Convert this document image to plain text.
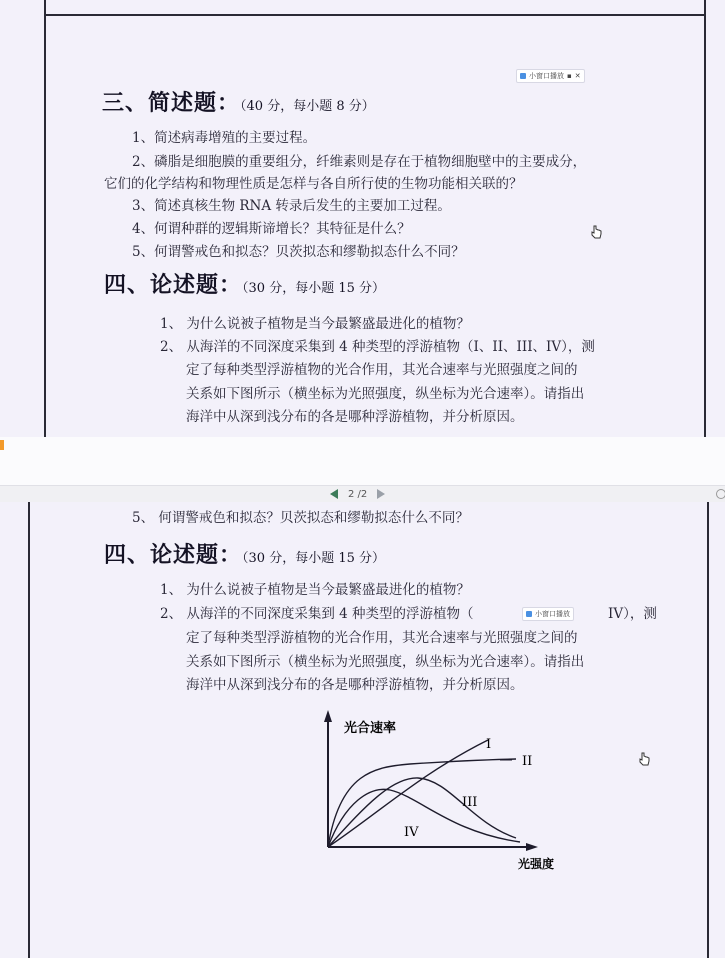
小窗口播放 ▪ ✕
三、简述题：（40 分，每小题 8 分）
1、简述病毒增殖的主要过程。
2、磷脂是细胞膜的重要组分，纤维素则是存在于植物细胞壁中的主要成分，
它们的化学结构和物理性质是怎样与各自所行使的生物功能相关联的？
3、简述真核生物 RNA 转录后发生的主要加工过程。
4、何谓种群的逻辑斯谛增长？其特征是什么？
5、何谓警戒色和拟态？贝茨拟态和缪勒拟态什么不同？
四、论述题：（30 分，每小题 15 分）
1、 为什么说被子植物是当今最繁盛最进化的植物？
2、 从海洋的不同深度采集到 4 种类型的浮游植物（I、II、III、IV），测
定了每种类型浮游植物的光合作用，其光合速率与光照强度之间的
关系如下图所示（横坐标为光照强度，纵坐标为光合速率）。请指出
海洋中从深到浅分布的各是哪种浮游植物，并分析原因。
2 /2
5、 何谓警戒色和拟态？贝茨拟态和缪勒拟态什么不同？
四、论述题：（30 分，每小题 15 分）
1、 为什么说被子植物是当今最繁盛最进化的植物？
2、 从海洋的不同深度采集到 4 种类型的浮游植物（	IV），测
小窗口播放
定了每种类型浮游植物的光合作用，其光合速率与光照强度之间的
关系如下图所示（横坐标为光照强度，纵坐标为光合速率）。请指出
海洋中从深到浅分布的各是哪种浮游植物，并分析原因。
光合速率
光强度
I
II
III
IV
